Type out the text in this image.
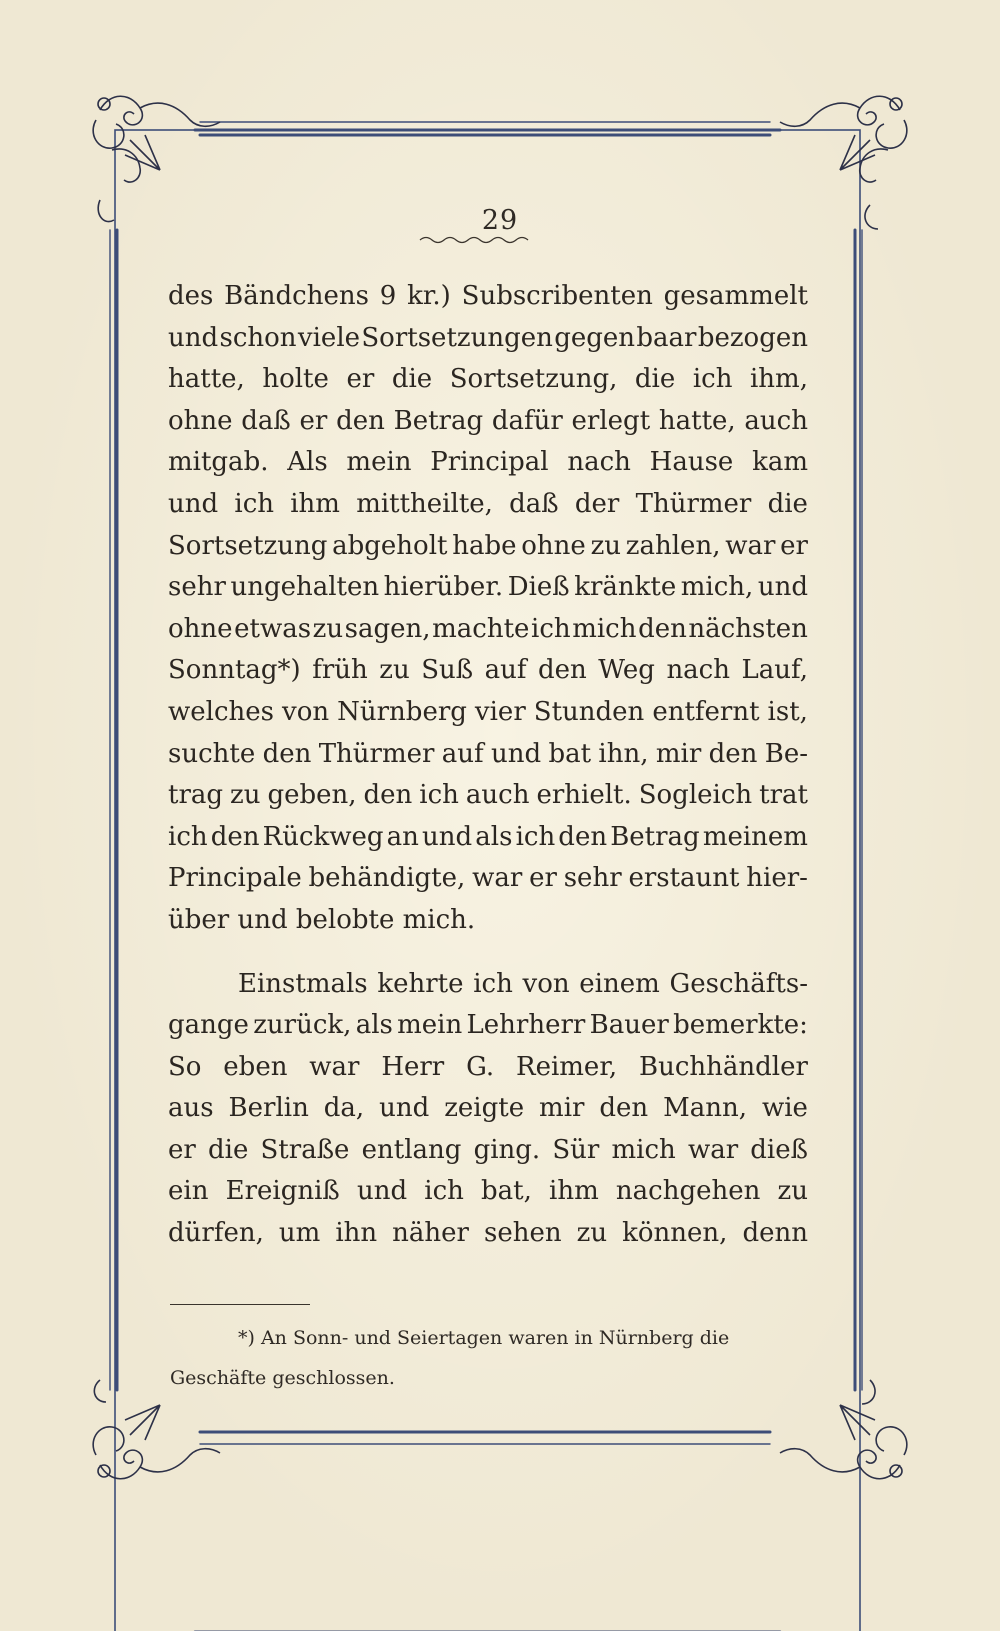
29
des Bändchens 9 kr.) Subscribenten gesammelt
und schon viele Sortsetzungen gegen baar bezogen
hatte, holte er die Sortsetzung, die ich ihm,
ohne daß er den Betrag dafür erlegt hatte, auch
mitgab. Als mein Principal nach Hause kam
und ich ihm mittheilte, daß der Thürmer die
Sortsetzung abgeholt habe ohne zu zahlen, war er
sehr ungehalten hierüber. Dieß kränkte mich, und
ohne etwas zu sagen, machte ich mich den nächsten
Sonntag*) früh zu Suß auf den Weg nach Lauf,
welches von Nürnberg vier Stunden entfernt ist,
suchte den Thürmer auf und bat ihn, mir den Be-
trag zu geben, den ich auch erhielt. Sogleich trat
ich den Rückweg an und als ich den Betrag meinem
Principale behändigte, war er sehr erstaunt hier-
über und belobte mich.
Einstmals kehrte ich von einem Geschäfts-
gange zurück, als mein Lehrherr Bauer bemerkte:
So eben war Herr G. Reimer, Buchhändler
aus Berlin da, und zeigte mir den Mann, wie
er die Straße entlang ging. Sür mich war dieß
ein Ereigniß und ich bat, ihm nachgehen zu
dürfen, um ihn näher sehen zu können, denn
*) An Sonn- und Seiertagen waren in Nürnberg die
Geschäfte geschlossen.
